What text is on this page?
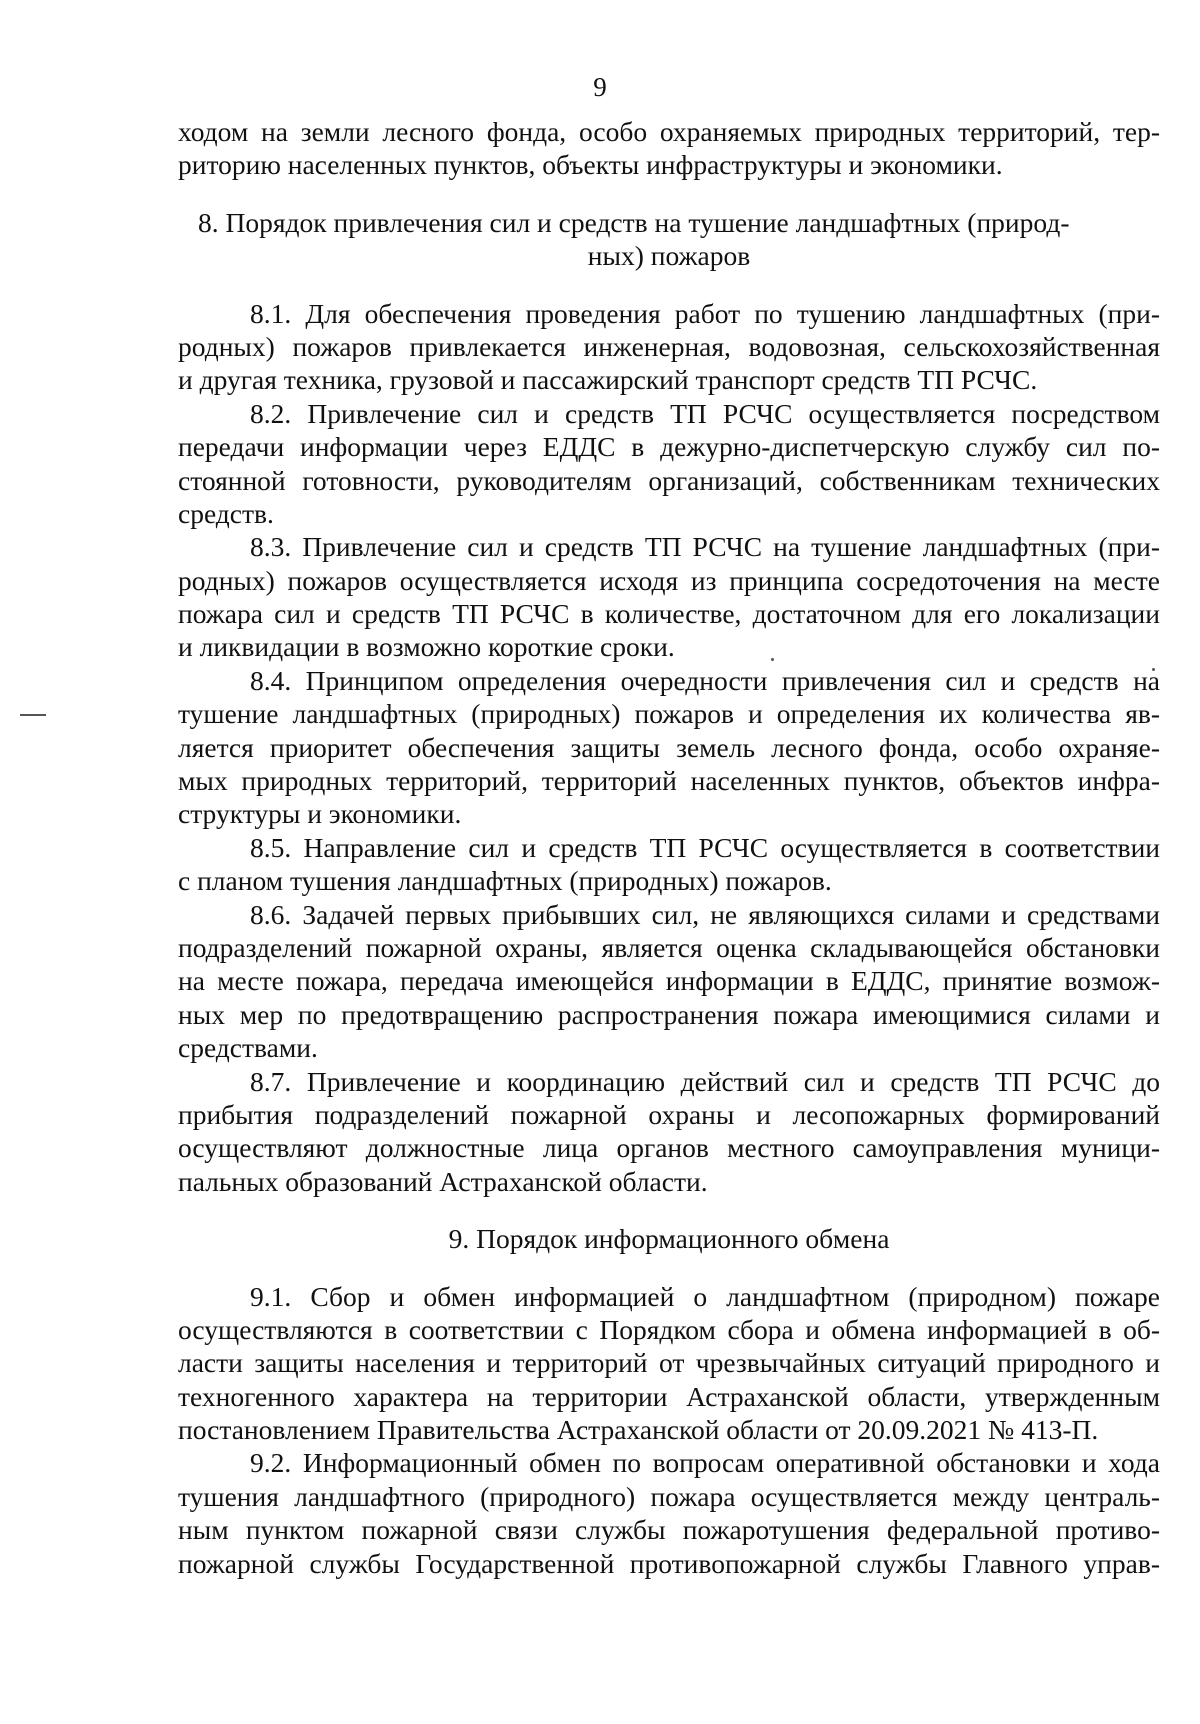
9
ходом на земли лесного фонда, особо охраняемых природных территорий, тер-
риторию населенных пунктов, объекты инфраструктуры и экономики.
8. Порядок привлечения сил и средств на тушение ландшафтных (природ-
ных) пожаров
8.1. Для обеспечения проведения работ по тушению ландшафтных (при-
родных) пожаров привлекается инженерная, водовозная, сельскохозяйственная
и другая техника, грузовой и пассажирский транспорт средств ТП РСЧС.
8.2. Привлечение сил и средств ТП РСЧС осуществляется посредством
передачи информации через ЕДДС в дежурно-диспетчерскую службу сил по-
стоянной готовности, руководителям организаций, собственникам технических
средств.
8.3. Привлечение сил и средств ТП РСЧС на тушение ландшафтных (при-
родных) пожаров осуществляется исходя из принципа сосредоточения на месте
пожара сил и средств ТП РСЧС в количестве, достаточном для его локализации
и ликвидации в возможно короткие сроки.
8.4. Принципом определения очередности привлечения сил и средств на
тушение ландшафтных (природных) пожаров и определения их количества яв-
ляется приоритет обеспечения защиты земель лесного фонда, особо охраняе-
мых природных территорий, территорий населенных пунктов, объектов инфра-
структуры и экономики.
8.5. Направление сил и средств ТП РСЧС осуществляется в соответствии
с планом тушения ландшафтных (природных) пожаров.
8.6. Задачей первых прибывших сил, не являющихся силами и средствами
подразделений пожарной охраны, является оценка складывающейся обстановки
на месте пожара, передача имеющейся информации в ЕДДС, принятие возмож-
ных мер по предотвращению распространения пожара имеющимися силами и
средствами.
8.7. Привлечение и координацию действий сил и средств ТП РСЧС до
прибытия подразделений пожарной охраны и лесопожарных формирований
осуществляют должностные лица органов местного самоуправления муници-
пальных образований Астраханской области.
9. Порядок информационного обмена
9.1. Сбор и обмен информацией о ландшафтном (природном) пожаре
осуществляются в соответствии с Порядком сбора и обмена информацией в об-
ласти защиты населения и территорий от чрезвычайных ситуаций природного и
техногенного характера на территории Астраханской области, утвержденным
постановлением Правительства Астраханской области от 20.09.2021 № 413-П.
9.2. Информационный обмен по вопросам оперативной обстановки и хода
тушения ландшафтного (природного) пожара осуществляется между централь-
ным пунктом пожарной связи службы пожаротушения федеральной противо-
пожарной службы Государственной противопожарной службы Главного управ-
